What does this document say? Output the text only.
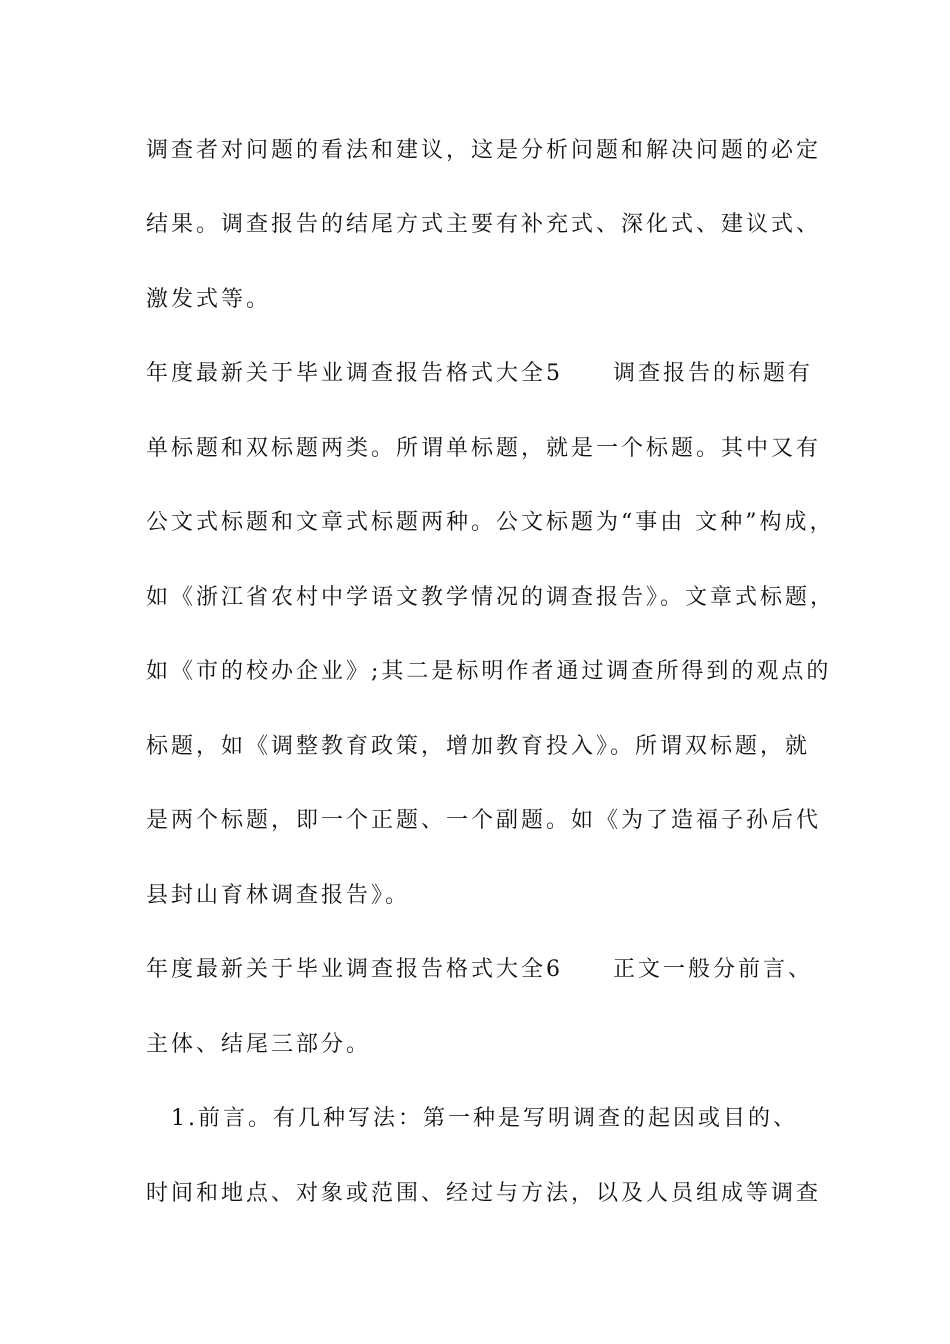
调查者对问题的看法和建议，这是分析问题和解决问题的必定
结果。调查报告的结尾方式主要有补充式、深化式、建议式、
激发式等。
年度最新关于毕业调查报告格式大全5　　调查报告的标题有
单标题和双标题两类。所谓单标题，就是一个标题。其中又有
公文式标题和文章式标题两种。公文标题为“事由 文种”构成，
如《浙江省农村中学语文教学情况的调查报告》。文章式标题，
如《市的校办企业》;其二是标明作者通过调查所得到的观点的
标题，如《调整教育政策，增加教育投入》。所谓双标题，就
是两个标题，即一个正题、一个副题。如《为了造福子孙后代
县封山育林调查报告》。
年度最新关于毕业调查报告格式大全6　　正文一般分前言、
主体、结尾三部分。
　1.前言。有几种写法：第一种是写明调查的起因或目的、
时间和地点、对象或范围、经过与方法，以及人员组成等调查
